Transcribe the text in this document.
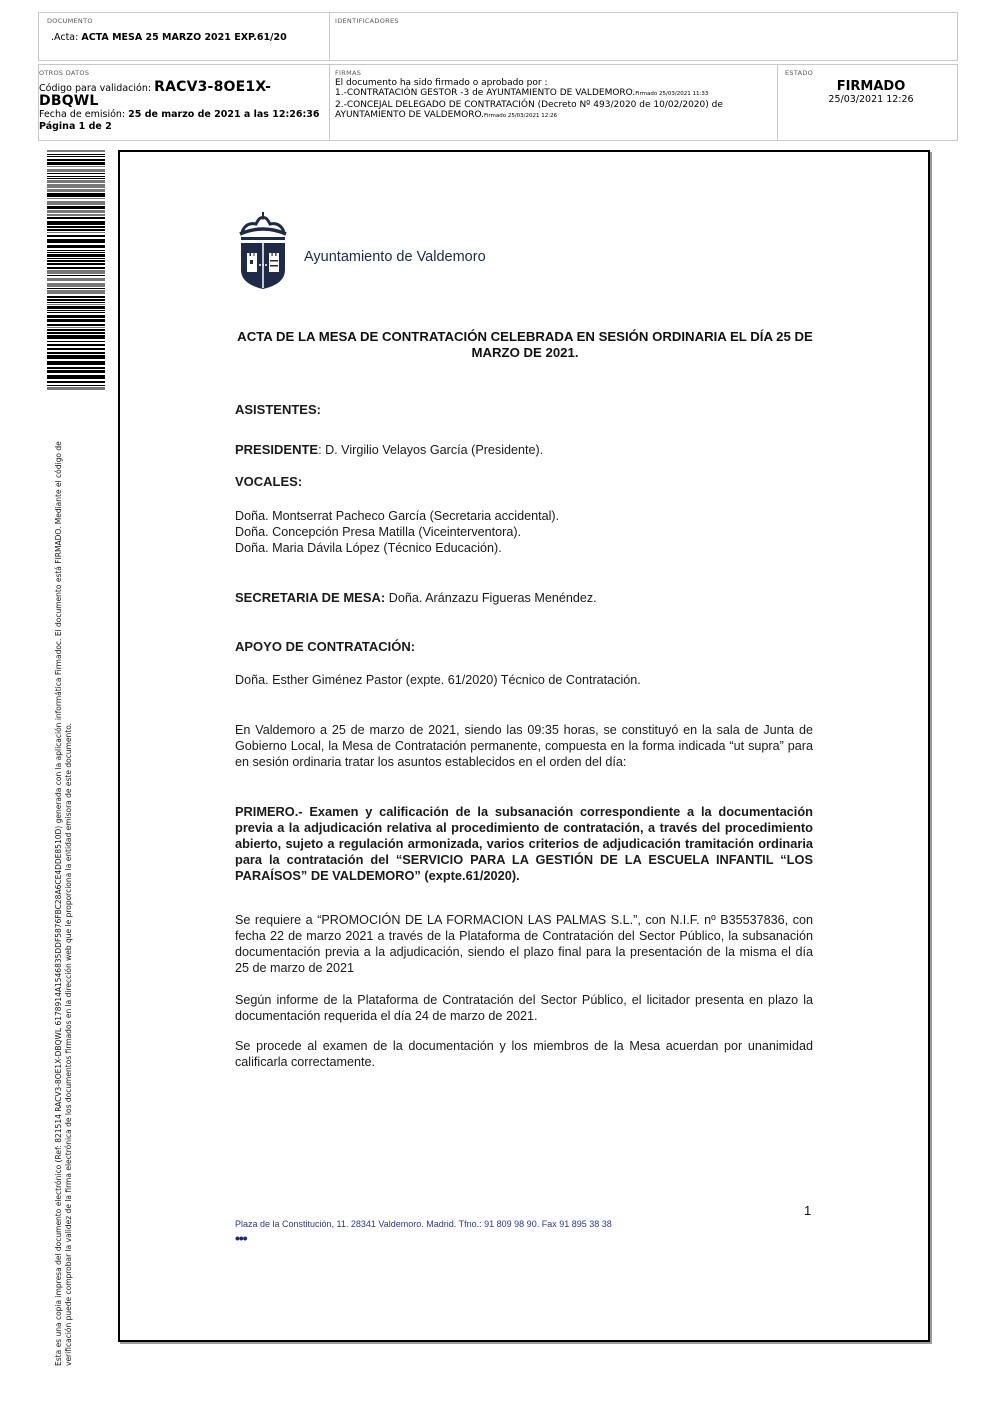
DOCUMENTO
.Acta: ACTA MESA 25 MARZO 2021 EXP.61/20
IDENTIFICADORES
OTROS DATOS
Código para validación: RACV3-8OE1X-DBQWL
Fecha de emisión: 25 de marzo de 2021 a las 12:26:36
Página 1 de 2
FIRMAS
El documento ha sido firmado o aprobado por :
1.-CONTRATACIÓN GESTOR -3 de AYUNTAMIENTO DE VALDEMORO.Firmado 25/03/2021 11:33
2.-CONCEJAL DELEGADO DE CONTRATACIÓN (Decreto Nº 493/2020 de 10/02/2020) de
AYUNTAMIENTO DE VALDEMORO.Firmado 25/03/2021 12:26
ESTADO
FIRMADO
25/03/2021 12:26
Esta es una copia impresa del documento electrónico (Ref: 821514 RACV3-8OE1X-DBQWL 6178914A1546835DDF5876FBC28A6CE4DDE8510D) generada con la aplicación informática Firmadoc. El documento está FIRMADO. Mediante el código de verificación puede comprobar la validez de la firma electrónica de los documentos firmados en la dirección web que le proporciona la entidad emisora de este documento.
Ayuntamiento de Valdemoro
ACTA DE LA MESA DE CONTRATACIÓN CELEBRADA EN SESIÓN ORDINARIA EL DÍA 25 DE MARZO DE 2021.
ASISTENTES:
PRESIDENTE: D. Virgilio Velayos García (Presidente).
VOCALES:
Doña. Montserrat Pacheco García (Secretaria accidental).
Doña. Concepción Presa Matilla (Viceinterventora).
Doña. Maria Dávila López (Técnico Educación).
SECRETARIA DE MESA: Doña. Aránzazu Figueras Menéndez.
APOYO DE CONTRATACIÓN:
Doña. Esther Giménez Pastor (expte. 61/2020) Técnico de Contratación.
En Valdemoro a 25 de marzo de 2021, siendo las 09:35 horas, se constituyó en la sala de Junta de Gobierno Local, la Mesa de Contratación permanente, compuesta en la forma indicada “ut supra” para en sesión ordinaria tratar los asuntos establecidos en el orden del día:
PRIMERO.- Examen y calificación de la subsanación correspondiente a la documentación previa a la adjudicación relativa al procedimiento de contratación, a través del procedimiento abierto, sujeto a regulación armonizada, varios criterios de adjudicación tramitación ordinaria para la contratación del “SERVICIO PARA LA GESTIÓN DE LA ESCUELA INFANTIL “LOS PARAÍSOS” DE VALDEMORO” (expte.61/2020).
Se requiere a “PROMOCIÓN DE LA FORMACION LAS PALMAS S.L.”, con N.I.F. nº B35537836, con fecha 22 de marzo 2021 a través de la Plataforma de Contratación del Sector Público, la subsanación documentación previa a la adjudicación, siendo el plazo final para la presentación de la misma el día 25 de marzo de 2021
Según informe de la Plataforma de Contratación del Sector Público, el licitador presenta en plazo la documentación requerida el día 24 de marzo de 2021.
Se procede al examen de la documentación y los miembros de la Mesa acuerdan por unanimidad calificarla correctamente.
1
Plaza de la Constitución, 11. 28341 Valdemoro. Madrid. Tfno.: 91 809 98 90. Fax 91 895 38 38
•••
